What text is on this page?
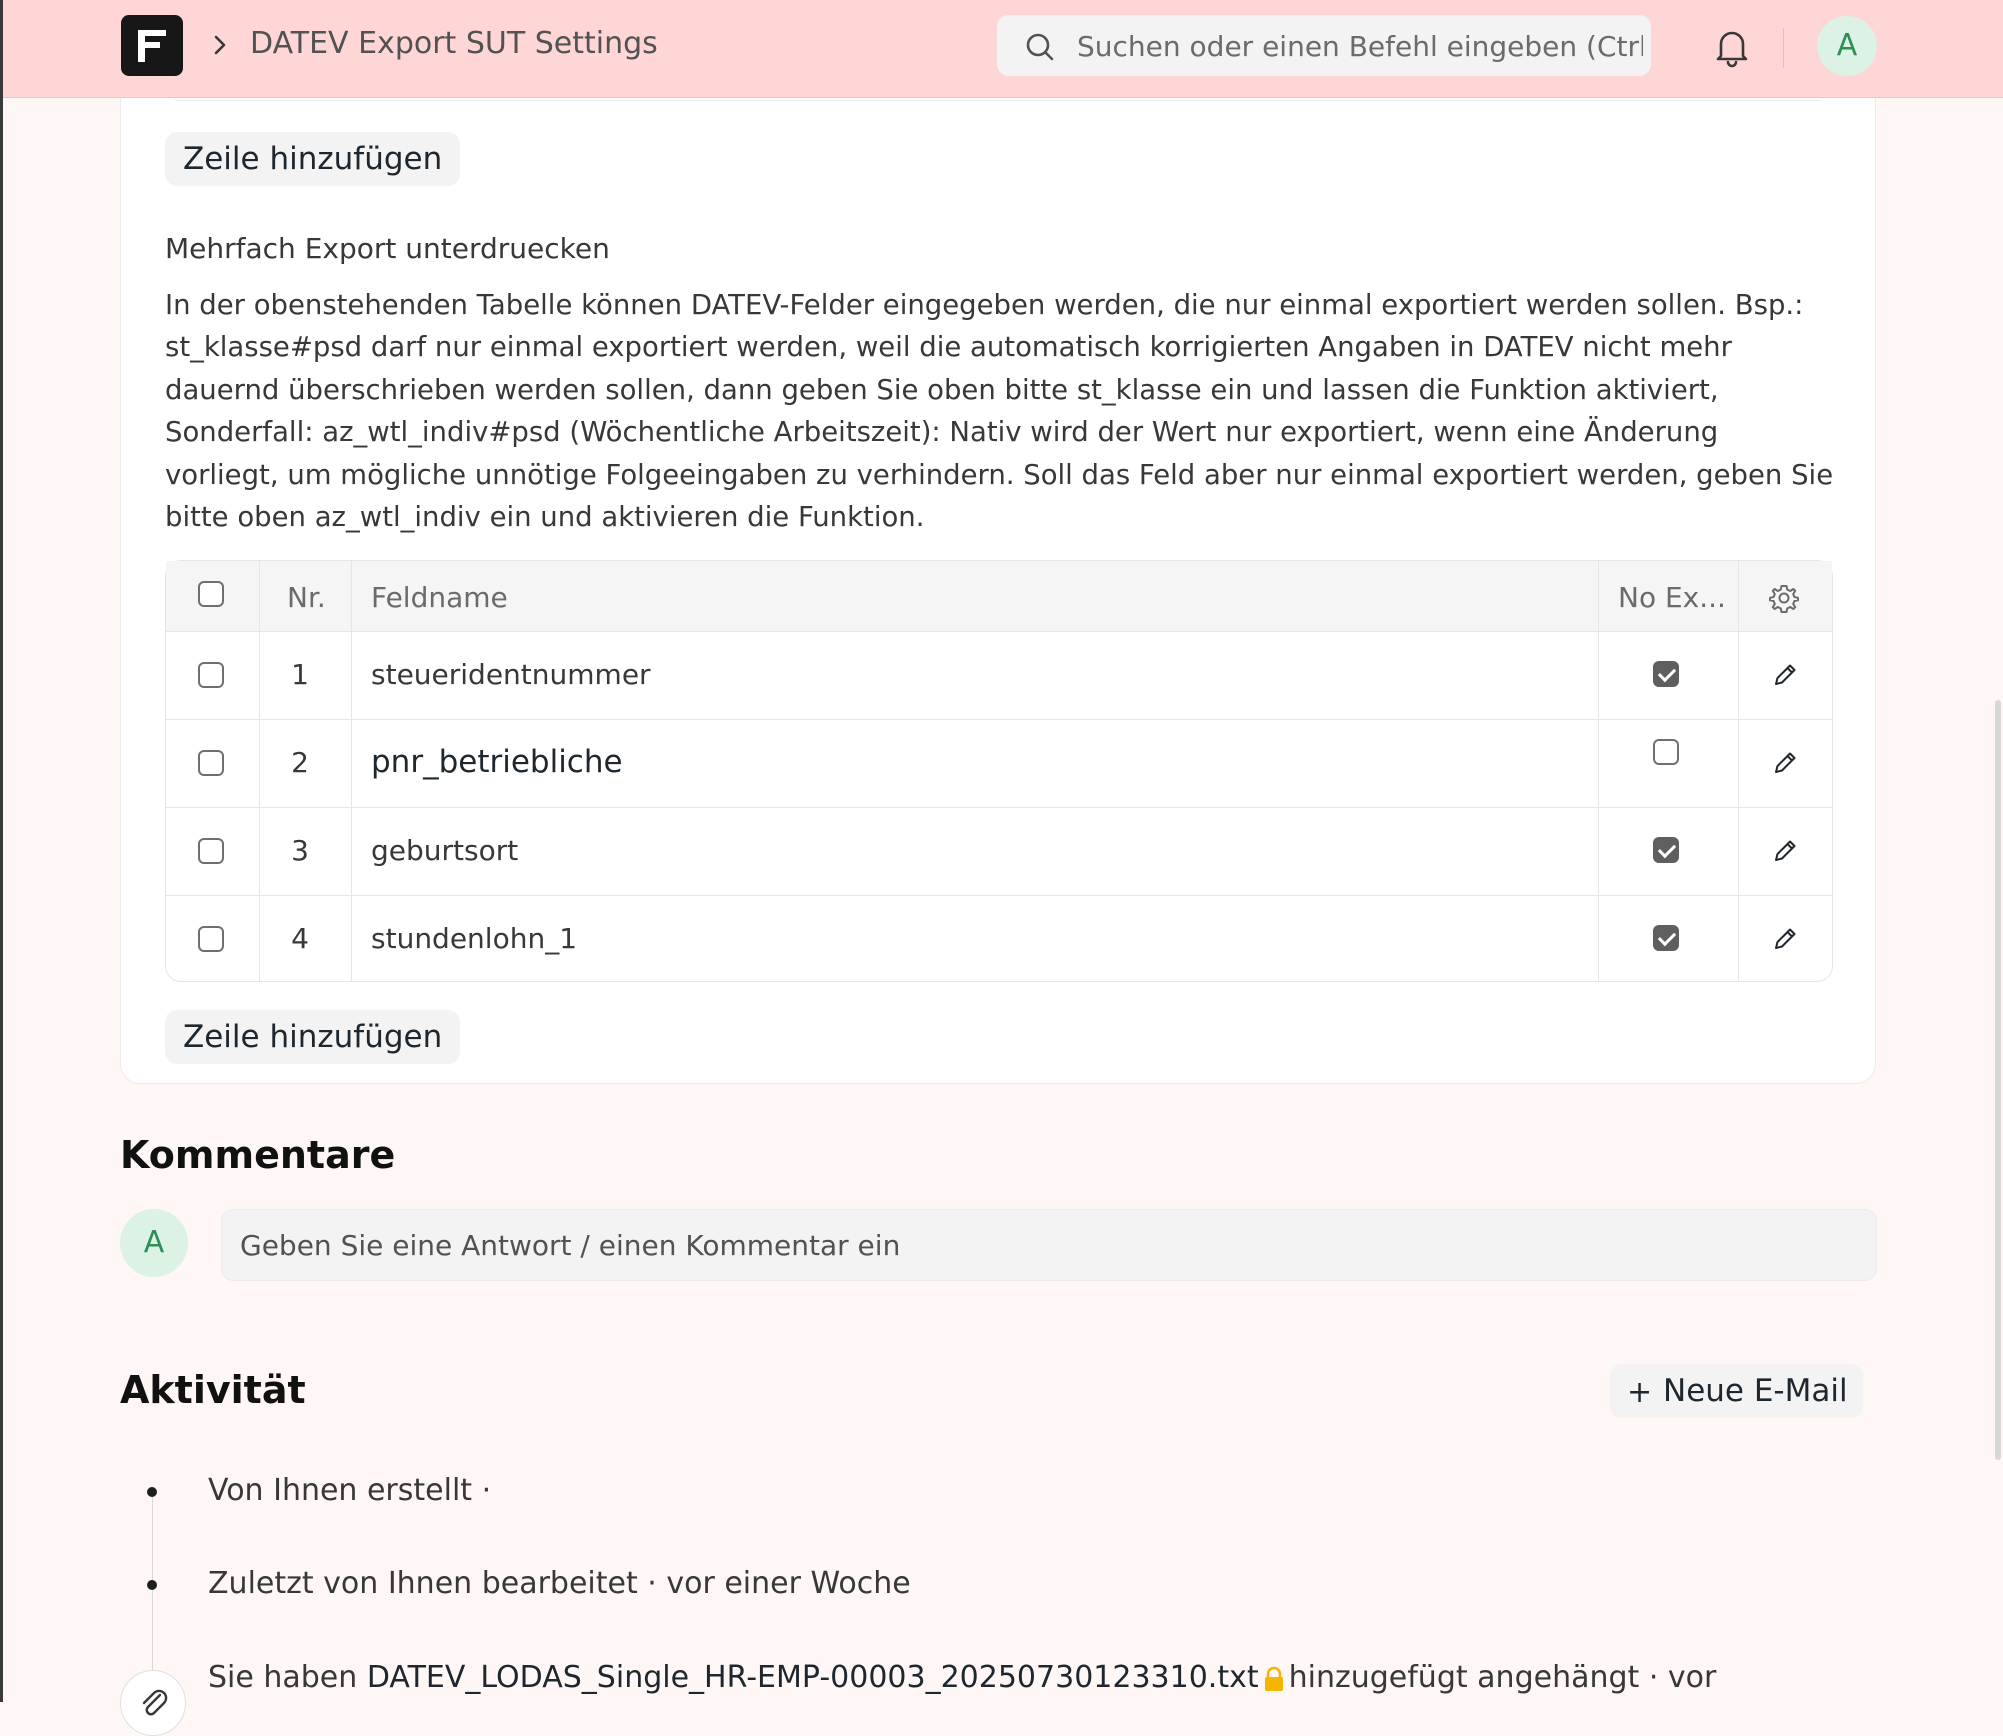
DATEV Export SUT Settings
Suchen oder einen Befehl eingeben (Ctrl + G)	A
Zeile hinzufügen
Mehrfach Export unterdruecken
In der obenstehenden Tabelle können DATEV-Felder eingegeben werden, die nur einmal exportiert werden sollen. Bsp.: st_klasse#psd darf nur einmal exportiert werden, weil die automatisch korrigierten Angaben in DATEV nicht mehr dauernd überschrieben werden sollen, dann geben Sie oben bitte st_klasse ein und lassen die Funktion aktiviert, Sonderfall: az_wtl_indiv#psd (Wöchentliche Arbeitszeit): Nativ wird der Wert nur exportiert, wenn eine Änderung vorliegt, um mögliche unnötige Folgeeingaben zu verhindern. Soll das Feld aber nur einmal exportiert werden, geben Sie bitte oben az_wtl_indiv ein und aktivieren die Funktion.
Nr. Feldname	No Ex...
1	steueridentnummer
2	pnr_betriebliche
3	geburtsort
4	stundenlohn_1
Zeile hinzufügen
Kommentare
A
Geben Sie eine Antwort / einen Kommentar ein
Aktivität	+ Neue E-Mail
Von Ihnen erstellt ·
Zuletzt von Ihnen bearbeitet · vor einer Woche
Sie haben DATEV_LODAS_Single_HR-EMP-00003_20250730123310.txt hinzugefügt angehängt · vor
